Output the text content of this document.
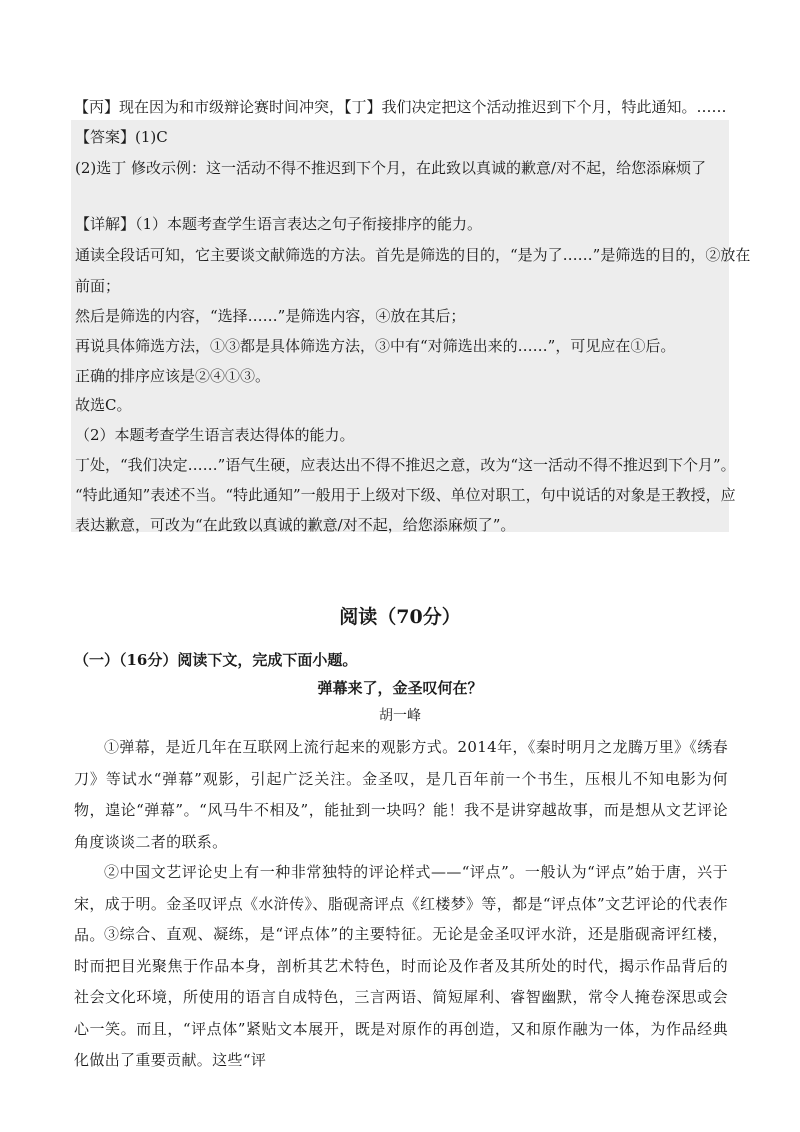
【丙】现在因为和市级辩论赛时间冲突，【丁】我们决定把这个活动推迟到下个月，特此通知。……
【答案】(1)C
(2)选丁 修改示例：这一活动不得不推迟到下个月，在此致以真诚的歉意/对不起，给您添麻烦了
【详解】（1）本题考查学生语言表达之句子衔接排序的能力。
通读全段话可知，它主要谈文献筛选的方法。首先是筛选的目的，“是为了……”是筛选的目的，②放在
前面；
然后是筛选的内容，“选择……”是筛选内容，④放在其后；
再说具体筛选方法，①③都是具体筛选方法，③中有“对筛选出来的……”，可见应在①后。
正确的排序应该是②④①③。
故选C。
（2）本题考查学生语言表达得体的能力。
丁处，“我们决定……”语气生硬，应表达出不得不推迟之意，改为“这一活动不得不推迟到下个月”。
“特此通知”表述不当。“特此通知”一般用于上级对下级、单位对职工，句中说话的对象是王教授，应
表达歉意，可改为“在此致以真诚的歉意/对不起，给您添麻烦了”。
阅读（70分）
（一）（16分）阅读下文，完成下面小题。
弹幕来了，金圣叹何在？
胡一峰
①弹幕，是近几年在互联网上流行起来的观影方式。2014年，《秦时明月之龙腾万里》《绣春刀》等试水“弹幕”观影，引起广泛关注。金圣叹，是几百年前一个书生，压根儿不知电影为何物，遑论“弹幕”。“风马牛不相及”，能扯到一块吗？能！我不是讲穿越故事，而是想从文艺评论角度谈谈二者的联系。
②中国文艺评论史上有一种非常独特的评论样式——“评点”。一般认为“评点”始于唐，兴于宋，成于明。金圣叹评点《水浒传》、脂砚斋评点《红楼梦》等，都是“评点体”文艺评论的代表作品。 ③综合、直观、凝练，是“评点体”的主要特征。无论是金圣叹评水浒，还是脂砚斋评红楼，时而把目光聚焦于作品本身，剖析其艺术特色，时而论及作者及其所处的时代，揭示作品背后的社会文化环境，所使用的语言自成特色，三言两语、简短犀利、睿智幽默，常令人掩卷深思或会心一笑。而且，“评点体”紧贴文本展开，既是对原作的再创造，又和原作融为一体，为作品经典化做出了重要贡献。这些“评
